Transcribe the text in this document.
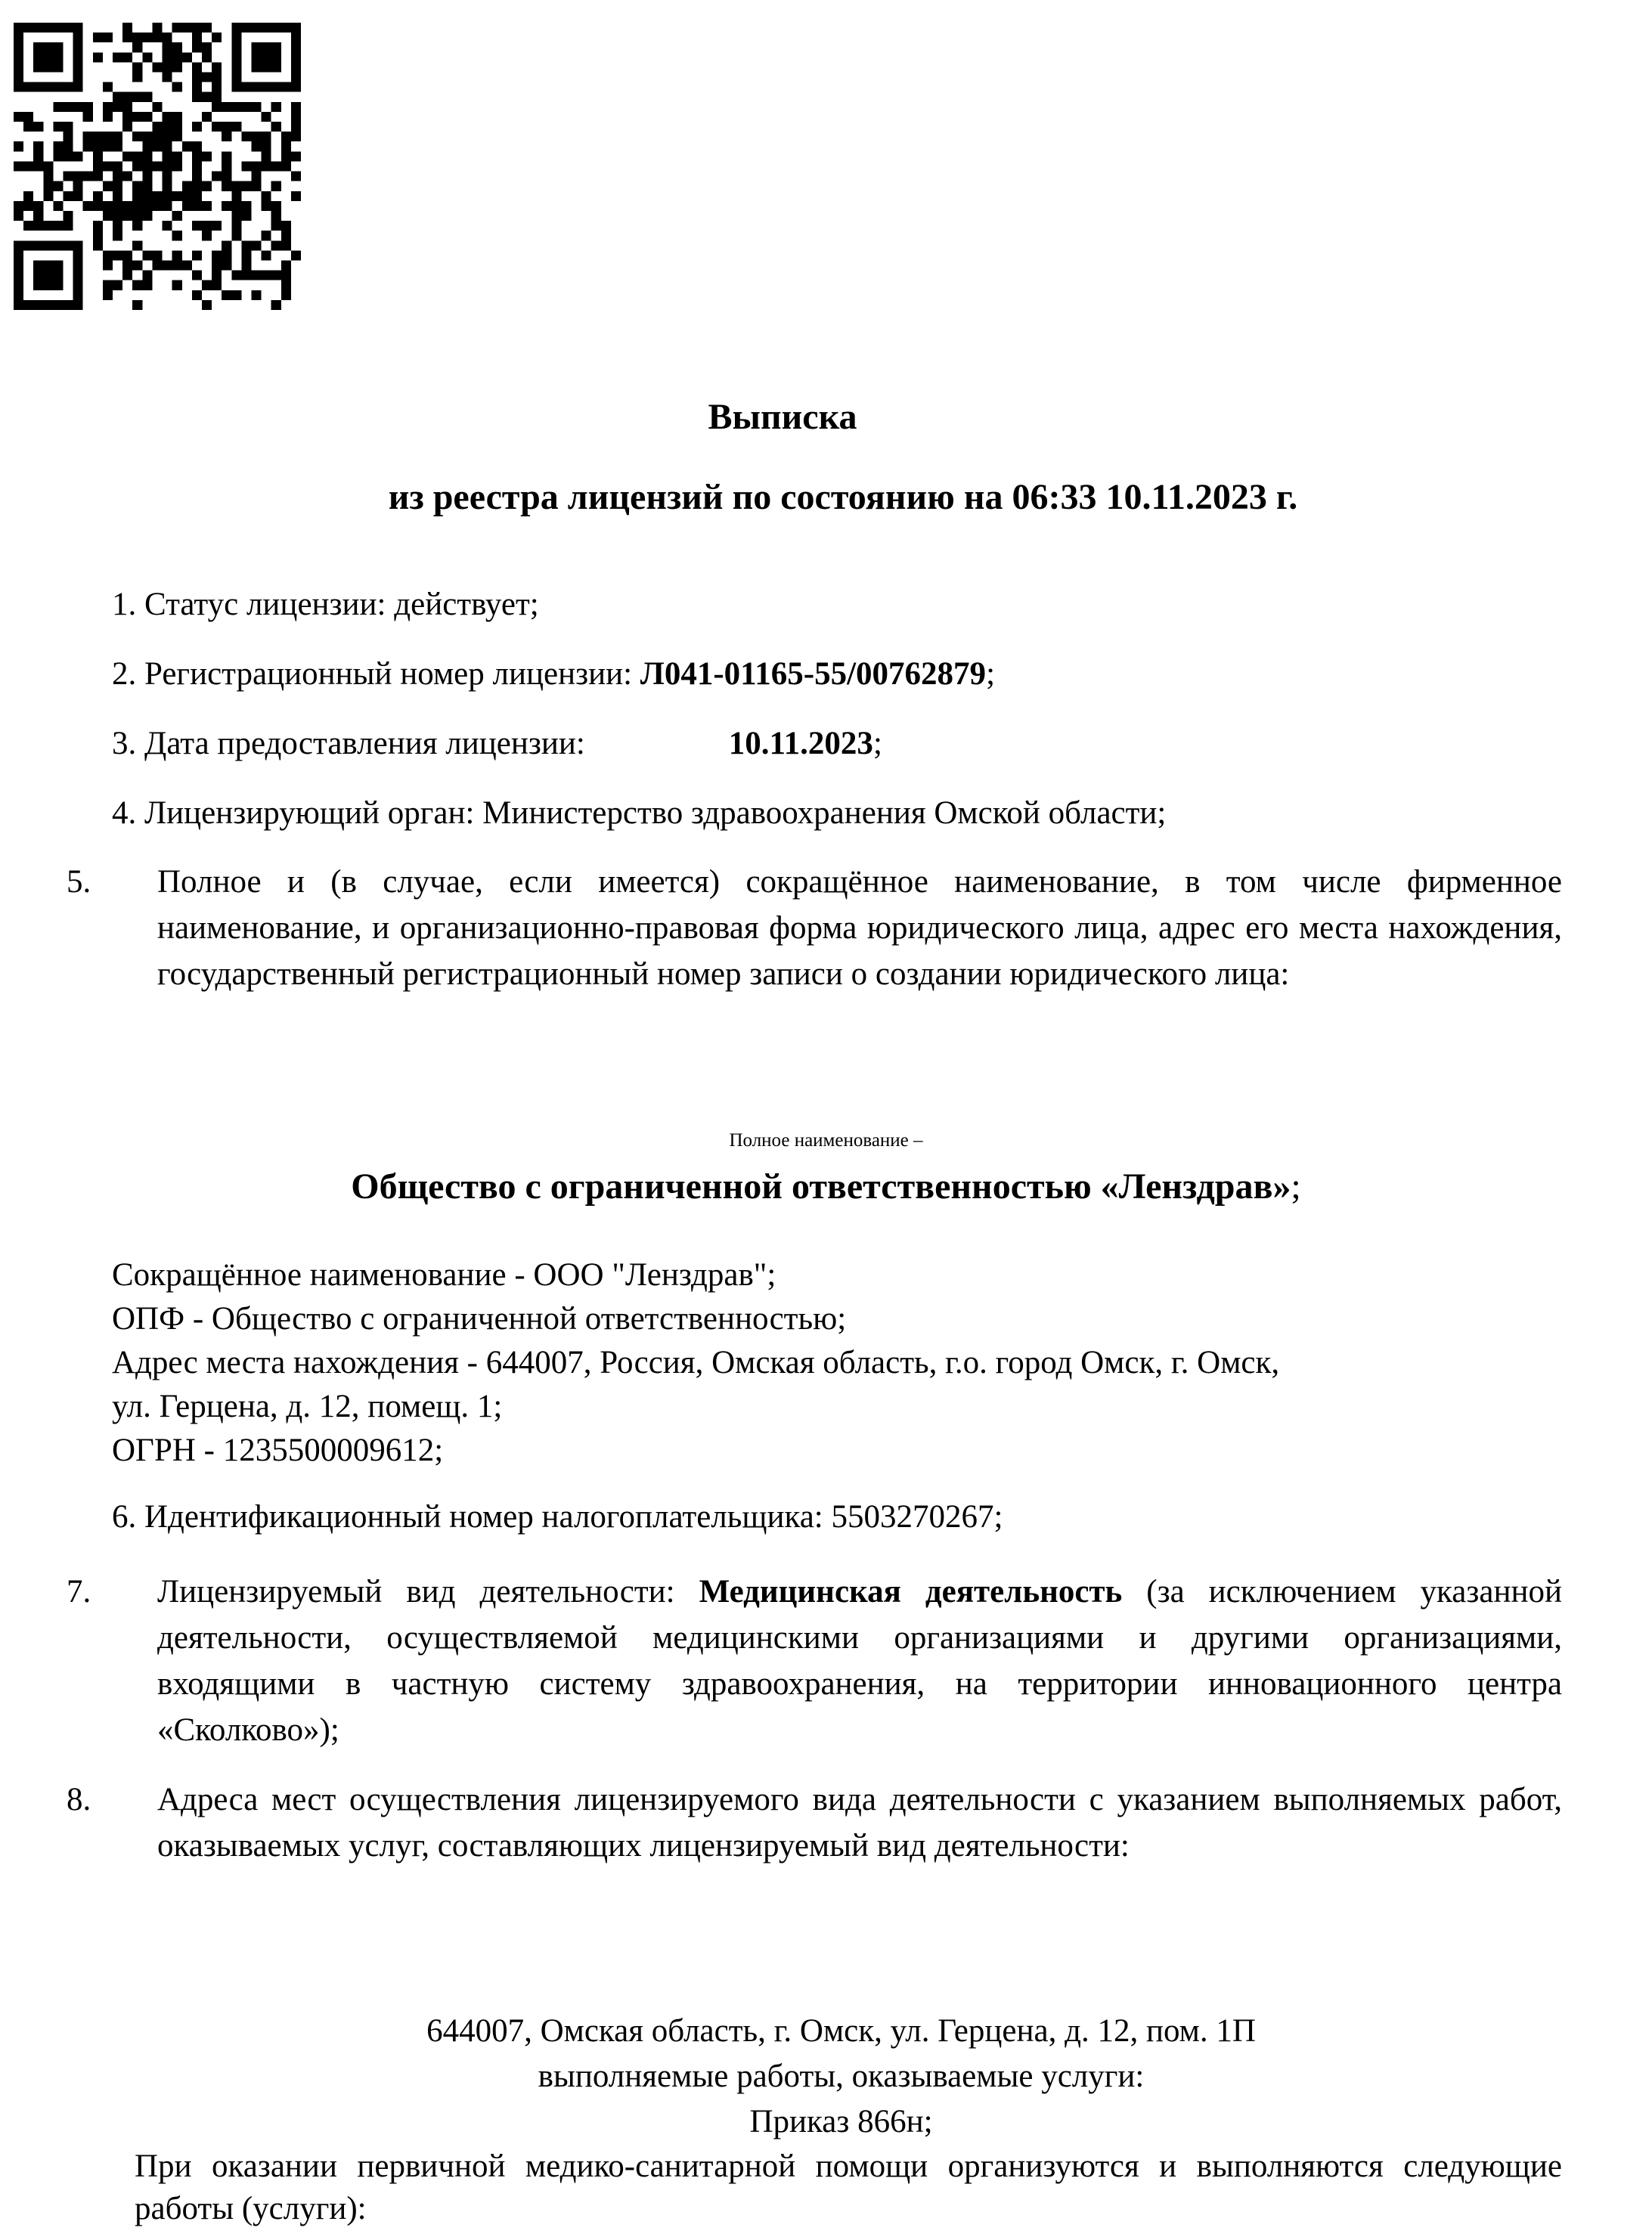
Выписка
из реестра лицензий по состоянию на 06:33 10.11.2023 г.
1. Статус лицензии: действует;
2. Регистрационный номер лицензии: Л041-01165-55/00762879;
3. Дата предоставления лицензии:	10.11.2023;
4. Лицензирующий орган: Министерство здравоохранения Омской области;
5. Полное и (в случае, если имеется) сокращённое наименование, в том числе фирменное наименование, и организационно-правовая форма юридического лица, адрес его места нахождения, государственный регистрационный номер записи о создании юридического лица:
Полное наименование –
Общество с ограниченной ответственностью «Ленздрав»;
Сокращённое наименование - ООО "Ленздрав";
ОПФ - Общество с ограниченной ответственностью;
Адрес места нахождения - 644007, Россия, Омская область, г.о. город Омск, г. Омск,
ул. Герцена, д. 12, помещ. 1;
ОГРН - 1235500009612;
6. Идентификационный номер налогоплательщика: 5503270267;
7. Лицензируемый вид деятельности: Медицинская деятельность (за исключением указанной деятельности, осуществляемой медицинскими организациями и другими организациями, входящими в частную систему здравоохранения, на территории инновационного центра «Сколково»);
8. Адреса мест осуществления лицензируемого вида деятельности с указанием выполняемых работ, оказываемых услуг, составляющих лицензируемый вид деятельности:
644007, Омская область, г. Омск, ул. Герцена, д. 12, пом. 1П
выполняемые работы, оказываемые услуги:
Приказ 866н;
При оказании первичной медико-санитарной помощи организуются и выполняются следующие работы (услуги):
